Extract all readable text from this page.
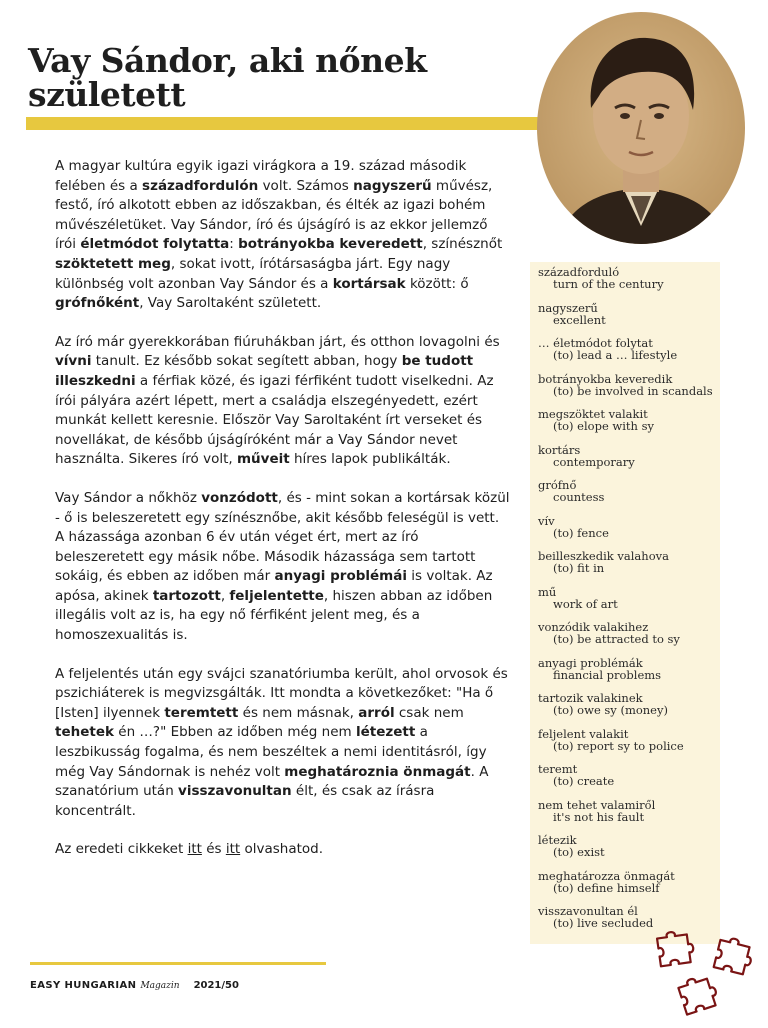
Vay Sándor, aki nőnek született

A magyar kultúra egyik igazi virágkora a 19. század második felében és a századfordulón volt. Számos nagyszerű művész, festő, író alkotott ebben az időszakban, és élték az igazi bohém művészéletüket. Vay Sándor, író és újságíró is az ekkor jellemző írói életmódot folytatta: botrányokba keveredett, színésznőt szöktetett meg, sokat ivott, írótársaságba járt. Egy nagy különbség volt azonban Vay Sándor és a kortársak között: ő grófnőként, Vay Saroltaként született.

Az író már gyerekkorában fiúruhákban járt, és otthon lovagolni és vívni tanult. Ez később sokat segített abban, hogy be tudott illeszkedni a férfiak közé, és igazi férfiként tudott viselkedni. Az írói pályára azért lépett, mert a családja elszegényedett, ezért munkát kellett keresnie. Először Vay Saroltaként írt verseket és novellákat, de később újságíróként már a Vay Sándor nevet használta. Sikeres író volt, műveit híres lapok publikálták.

Vay Sándor a nőkhöz vonzódott, és - mint sokan a kortársak közül - ő is beleszeretett egy színésznőbe, akit később feleségül is vett. A házassága azonban 6 év után véget ért, mert az író beleszeretett egy másik nőbe. Második házassága sem tartott sokáig, és ebben az időben már anyagi problémái is voltak. Az apósa, akinek tartozott, feljelentette, hiszen abban az időben illegális volt az is, ha egy nő férfiként jelent meg, és a homoszexualitás is.

A feljelentés után egy svájci szanatóriumba került, ahol orvosok és pszichiáterek is megvizsgálták. Itt mondta a következőket: "Ha ő [Isten] ilyennek teremtett és nem másnak, arról csak nem tehetek én …?" Ebben az időben még nem létezett a leszbikusság fogalma, és nem beszéltek a nemi identitásról, így még Vay Sándornak is nehéz volt meghatároznia önmagát. A szanatórium után visszavonultan élt, és csak az írásra koncentrált.

Az eredeti cikkeket itt és itt olvashatod.

századforduló
turn of the century
nagyszerű
excellent
… életmódot folytat
(to) lead a … lifestyle
botrányokba keveredik
(to) be involved in scandals
megszöktet valakit
(to) elope with sy
kortárs
contemporary
grófnő
countess
vív
(to) fence
beilleszkedik valahova
(to) fit in
mű
work of art
vonzódik valakihez
(to) be attracted to sy
anyagi problémák
financial problems
tartozik valakinek
(to) owe sy (money)
feljelent valakit
(to) report sy to police
teremt
(to) create
nem tehet valamiről
it's not his fault
létezik
(to) exist
meghatározza önmagát
(to) define himself
visszavonultan él
(to) live secluded
EASY HUNGARIAN Magazin 2021/50
